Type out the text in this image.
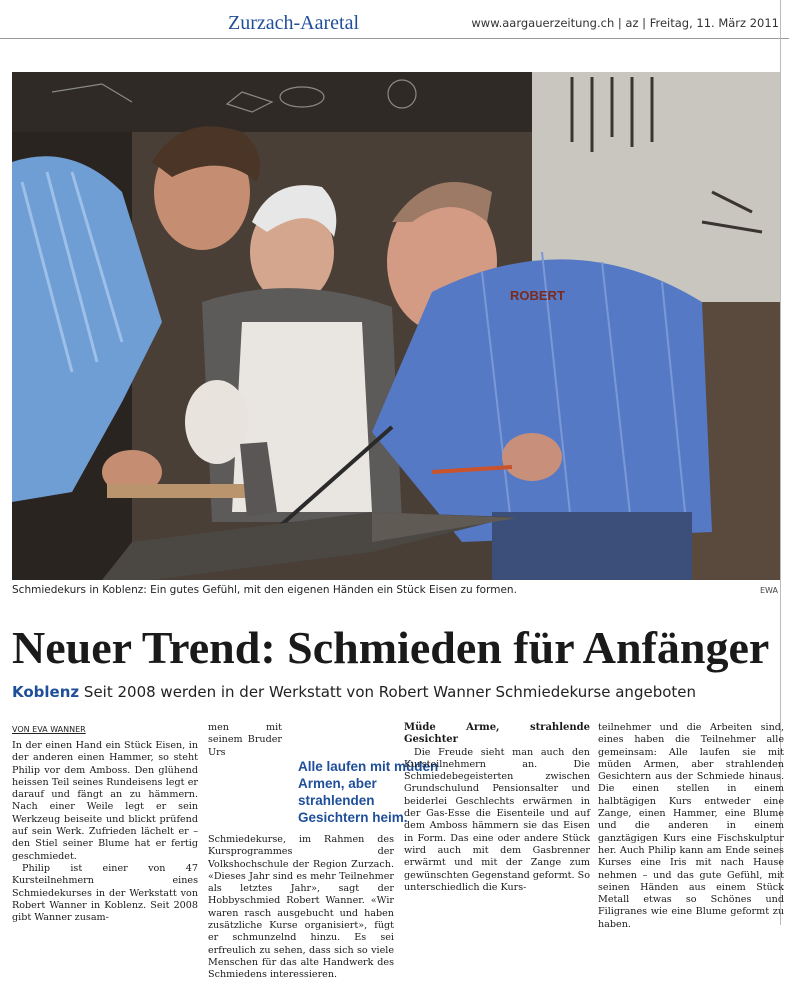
Zurzach-Aaretal	www.aargauerzeitung.ch | az | Freitag, 11. März 2011
ROBERT
Schmiedekurs in Koblenz: Ein gutes Gefühl, mit den eigenen Händen ein Stück Eisen zu formen.	EWA
Neuer Trend: Schmieden für Anfänger
Koblenz Seit 2008 werden in der Werkstatt von Robert Wanner Schmiedekurse angeboten
VON EVA WANNER

In der einen Hand ein Stück Eisen, in der anderen einen Hammer, so steht Philip vor dem Amboss. Den glühend heissen Teil seines Rundeisens legt er darauf und fängt an zu hämmern. Nach einer Weile legt er sein Werkzeug beiseite und blickt prüfend auf sein Werk. Zufrieden lächelt er – den Stiel seiner Blume hat er fertig geschmiedet.

Philip ist einer von 47 Kursteilnehmern eines Schmiedekurses in der Werkstatt von Robert Wanner in Koblenz. Seit 2008 gibt Wanner zusam-

Alle laufen mit müden Armen, aber strahlenden Gesichtern heim.

men mit seinem Bruder Urs Schmiedekurse, im Rahmen des Kursprogrammes der Volkshochschule der Region Zurzach. «Dieses Jahr sind es mehr Teilnehmer als letztes Jahr», sagt der Hobbyschmied Robert Wanner. «Wir waren rasch ausgebucht und haben zusätzliche Kurse organisiert», fügt er schmunzelnd hinzu. Es sei erfreulich zu sehen, dass sich so viele Menschen für das alte Handwerk des Schmiedens interessieren.

Müde Arme, strahlende Gesichter

Die Freude sieht man auch den Kursteilnehmern an. Die Schmiedebegeisterten zwischen Grundschulund Pensionsalter und beiderlei Geschlechts erwärmen in der Gas-Esse die Eisenteile und auf dem Amboss hämmern sie das Eisen in Form. Das eine oder andere Stück wird auch mit dem Gasbrenner erwärmt und mit der Zange zum gewünschten Gegenstand geformt. So unterschiedlich die Kurs-

teilnehmer und die Arbeiten sind, eines haben die Teilnehmer alle gemeinsam: Alle laufen sie mit müden Armen, aber strahlenden Gesichtern aus der Schmiede hinaus. Die einen stellen in einem halbtägigen Kurs entweder eine Zange, einen Hammer, eine Blume und die anderen in einem ganztägigen Kurs eine Fischskulptur her. Auch Philip kann am Ende seines Kurses eine Iris mit nach Hause nehmen – und das gute Gefühl, mit seinen Händen aus einem Stück Metall etwas so Schönes und Filigranes wie eine Blume geformt zu haben.
